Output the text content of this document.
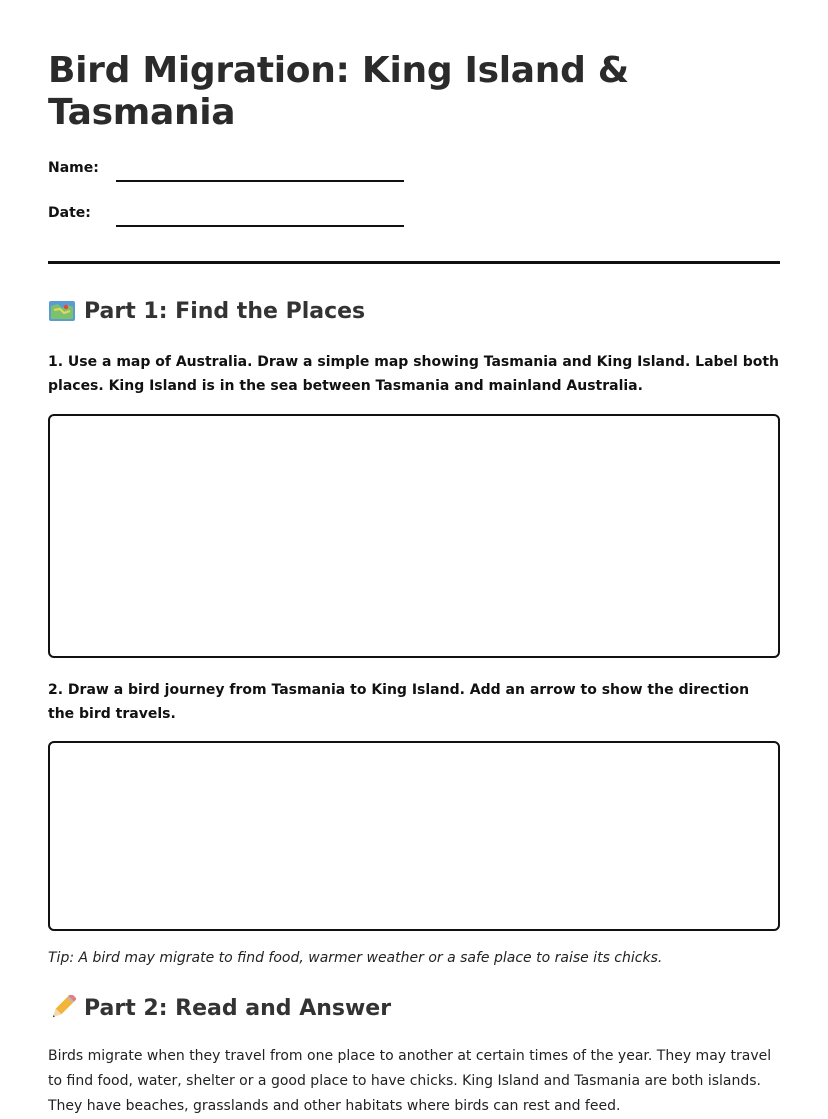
Bird Migration: King Island & Tasmania
Name:
Date:
Part 1: Find the Places

1. Use a map of Australia. Draw a simple map showing Tasmania and King Island. Label both places. King Island is in the sea between Tasmania and mainland Australia.

2. Draw a bird journey from Tasmania to King Island. Add an arrow to show the direction the bird travels.

Tip: A bird may migrate to find food, warmer weather or a safe place to raise its chicks.
Part 2: Read and Answer

Birds migrate when they travel from one place to another at certain times of the year. They may travel to find food, water, shelter or a good place to have chicks. King Island and Tasmania are both islands. They have beaches, grasslands and other habitats where birds can rest and feed.
